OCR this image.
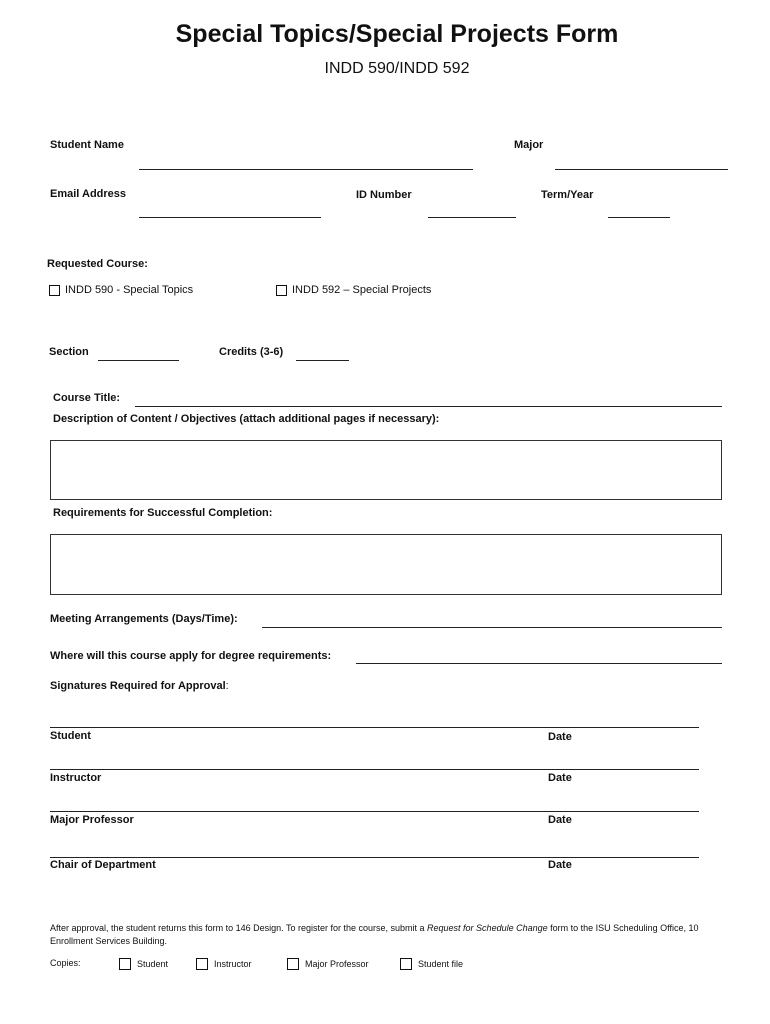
Special Topics/Special Projects Form
INDD 590/INDD 592
Student Name	Major
Email Address	ID Number	Term/Year
Requested Course:
INDD 590 - Special Topics	INDD 592 – Special Projects
Section	Credits (3-6)
Course Title:
Description of Content / Objectives (attach additional pages if necessary):
Requirements for Successful Completion:
Meeting Arrangements (Days/Time):
Where will this course apply for degree requirements:
Signatures Required for Approval:
Student	Date
Instructor	Date
Major Professor	Date
Chair of Department	Date
After approval, the student returns this form to 146 Design. To register for the course, submit a Request for Schedule Change form to the ISU Scheduling Office, 10 Enrollment Services Building.
Copies:	Student	Instructor	Major Professor	Student file
